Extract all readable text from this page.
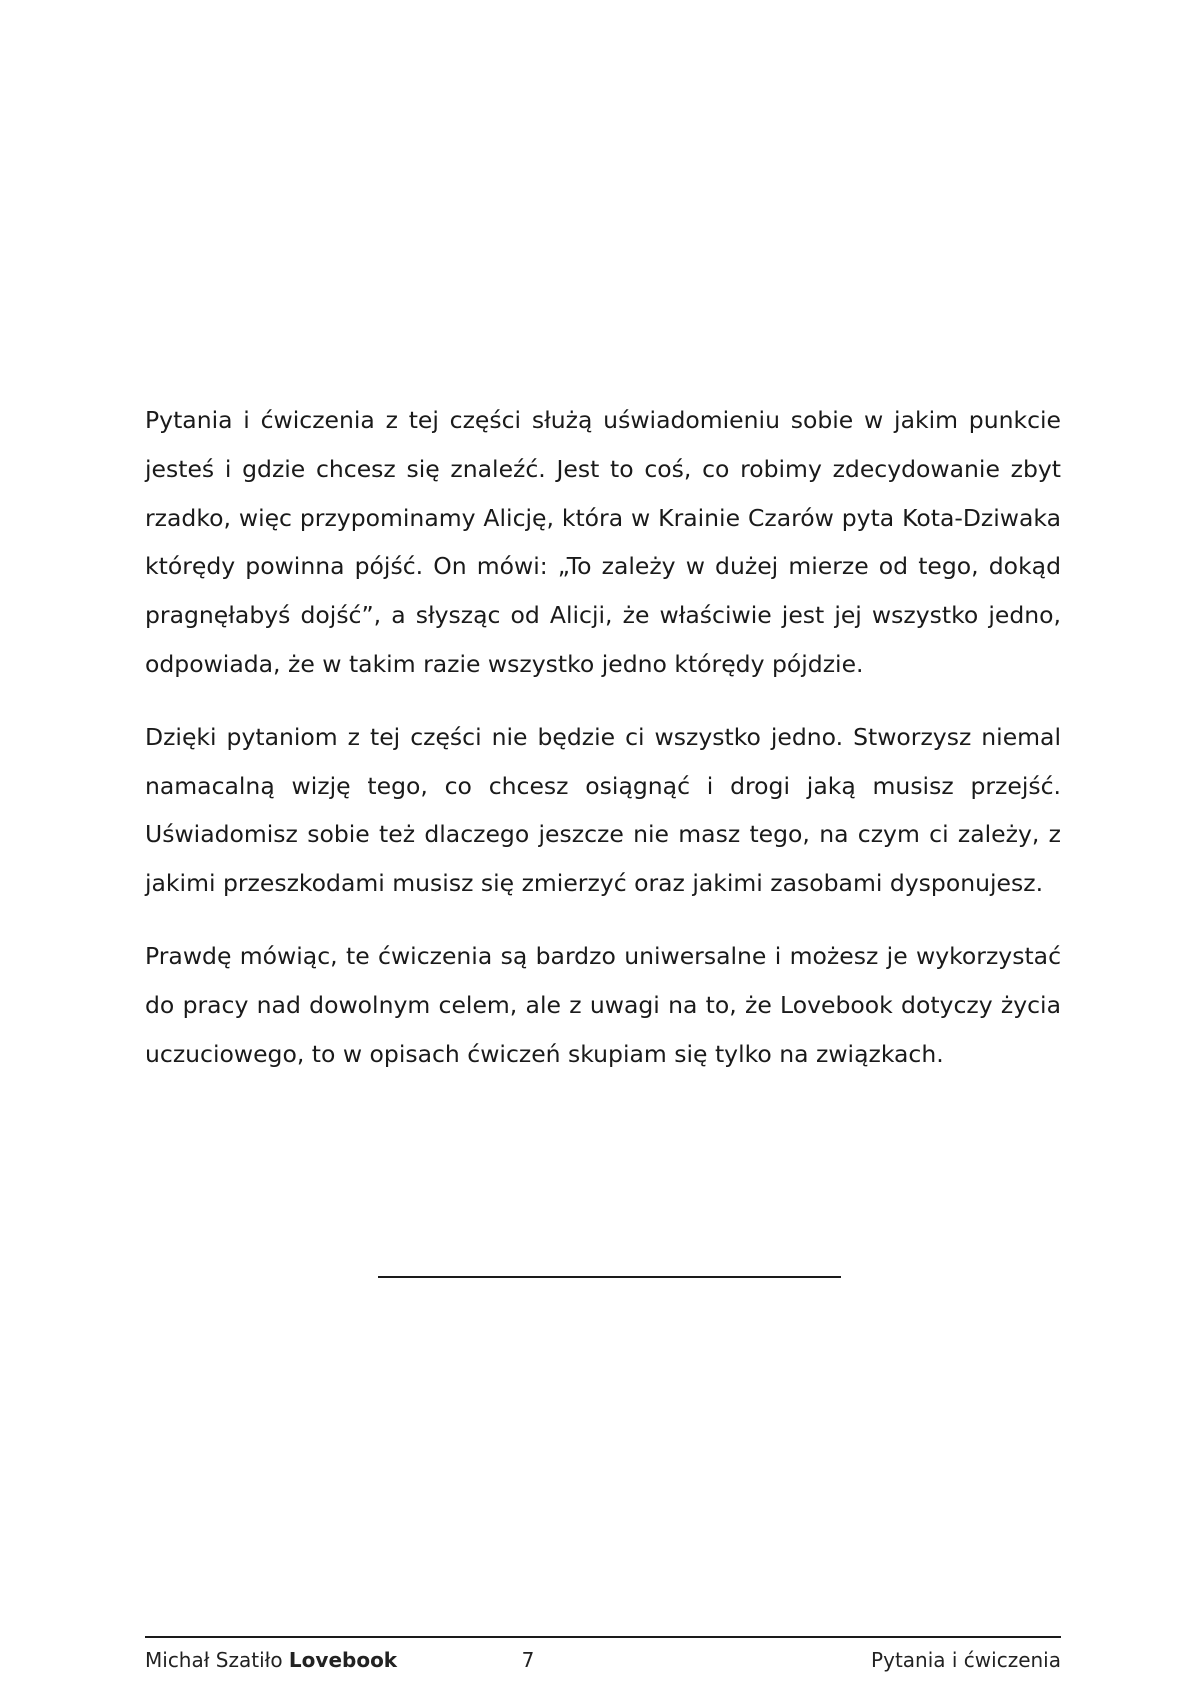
Pytania i ćwiczenia z tej części służą uświadomieniu sobie w jakim punkcie jesteś i gdzie chcesz się znaleźć. Jest to coś, co robimy zdecydowanie zbyt rzadko, więc przypominamy Alicję, która w Krainie Czarów pyta Kota-Dziwaka którędy powinna pójść. On mówi: „To zależy w dużej mierze od tego, dokąd pragnęłabyś dojść”, a słysząc od Alicji, że właściwie jest jej wszystko jedno, odpowiada, że w takim razie wszystko jedno którędy pójdzie.

Dzięki pytaniom z tej części nie będzie ci wszystko jedno. Stworzysz niemal namacalną wizję tego, co chcesz osiągnąć i drogi jaką musisz przejść. Uświadomisz sobie też dlaczego jeszcze nie masz tego, na czym ci zależy, z jakimi przeszkodami musisz się zmierzyć oraz jakimi zasobami dysponujesz.

Prawdę mówiąc, te ćwiczenia są bardzo uniwersalne i możesz je wykorzystać do pracy nad dowolnym celem, ale z uwagi na to, że Lovebook dotyczy życia uczuciowego, to w opisach ćwiczeń skupiam się tylko na związkach.

Michał Szatiło Lovebook	7	Pytania i ćwiczenia
